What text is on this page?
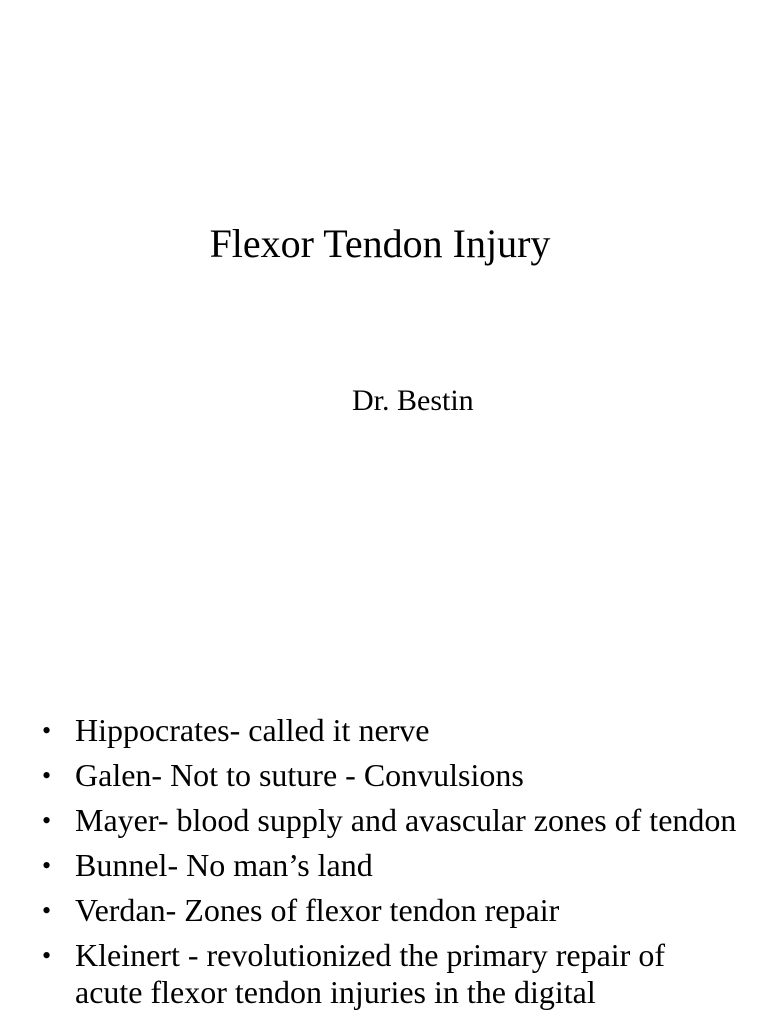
Flexor Tendon Injury
Dr. Bestin
• Hippocrates- called it nerve
• Galen- Not to suture - Convulsions
• Mayer- blood supply and avascular zones of tendon
• Bunnel- No man’s land
• Verdan- Zones of flexor tendon repair
• Kleinert - revolutionized the primary repair of acute flexor tendon injuries in the digital
